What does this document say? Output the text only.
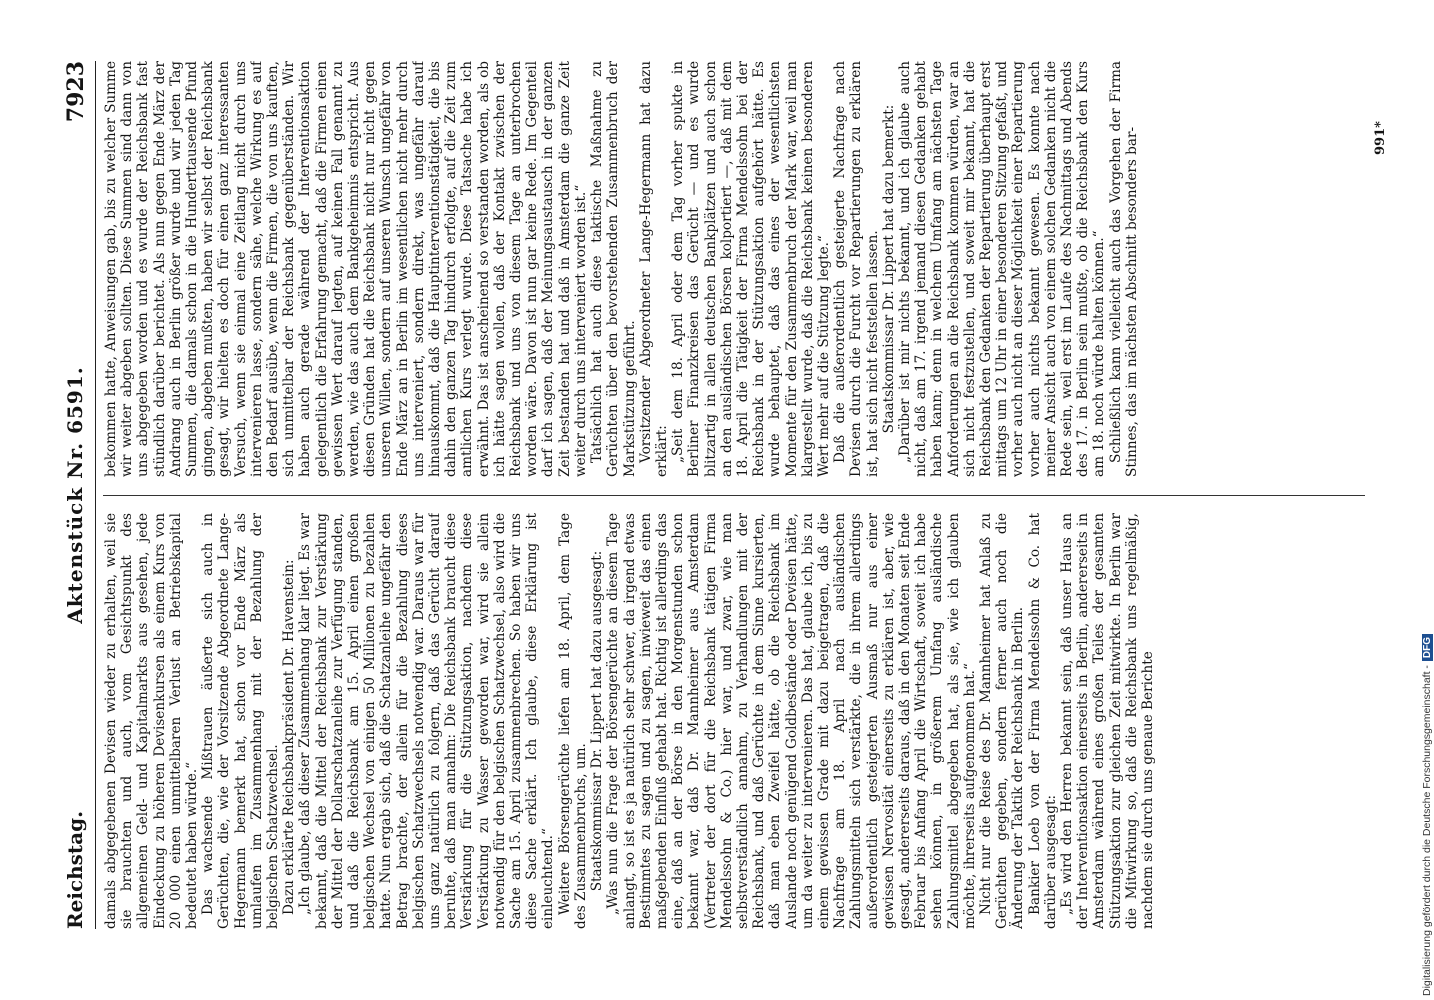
Reichstag.
Aktenstück Nr. 6591.
7923

damals abgegebenen Devisen wieder zu erhalten, weil sie sie brauchten und auch, vom Gesichtspunkt des allgemeinen Geld- und Kapitalmarkts aus gesehen, jede Eindeckung zu höheren Devisenkursen als einem Kurs von 20 000 einen unmittelbaren Verlust an Betriebskapital bedeutet haben würde.“ Das wachsende Mißtrauen äußerte sich auch in Gerüchten, die, wie der Vorsitzende Abgeordnete Lange-Hegermann bemerkt hat, schon vor Ende März als umlaufen im Zusammenhang mit der Bezahlung der belgischen Schatzwechsel. Dazu erklärte Reichsbankpräsident Dr. Havenstein: „Ich glaube, daß dieser Zusammenhang klar liegt. Es war bekannt, daß die Mittel der Reichsbank zur Verstärkung der Mittel der Dollarschatzanleihe zur Verfügung standen, und daß die Reichsbank am 15. April einen großen belgischen Wechsel von einigen 50 Millionen zu bezahlen hatte. Nun ergab sich, daß die Schatzanleihe ungefähr den Betrag brachte, der allein für die Bezahlung dieses belgischen Schatzwechsels notwendig war. Daraus war für uns ganz natürlich zu folgern, daß das Gerücht darauf beruhte, daß man annahm: Die Reichsbank braucht diese Verstärkung für die Stützungsaktion, nachdem diese Verstärkung zu Wasser geworden war, wird sie allein notwendig für den belgischen Schatzwechsel, also wird die Sache am 15. April zusammenbrechen. So haben wir uns diese Sache erklärt. Ich glaube, diese Erklärung ist einleuchtend.“ Weitere Börsengerüchte liefen am 18. April, dem Tage des Zusammenbruchs, um. Staatskommissar Dr. Lippert hat dazu ausgesagt: „Was nun die Frage der Börsengerüchte an diesem Tage anlangt, so ist es ja natürlich sehr schwer, da irgend etwas Bestimmtes zu sagen und zu sagen, inwieweit das einen maßgebenden Einfluß gehabt hat. Richtig ist allerdings das eine, daß an der Börse in den Morgenstunden schon bekannt war, daß Dr. Mannheimer aus Amsterdam (Vertreter der dort für die Reichsbank tätigen Firma Mendelssohn & Co.) hier war, und zwar, wie man selbstverständlich annahm, zu Verhandlungen mit der Reichsbank, und daß Gerüchte in dem Sinne kursierten, daß man eben Zweifel hätte, ob die Reichsbank im Auslande noch genügend Goldbestände oder Devisen hätte, um da weiter zu intervenieren. Das hat, glaube ich, bis zu einem gewissen Grade mit dazu beigetragen, daß die Nachfrage am 18. April nach ausländischen Zahlungsmitteln sich verstärkte, die in ihrem allerdings außerordentlich gesteigerten Ausmaß nur aus einer gewissen Nervosität einerseits zu erklären ist, aber, wie gesagt, andererseits daraus, daß in den Monaten seit Ende Februar bis Anfang April die Wirtschaft, soweit ich habe sehen können, in größerem Umfang ausländische Zahlungsmittel abgegeben hat, als sie, wie ich glauben möchte, ihrerseits aufgenommen hat.“ Nicht nur die Reise des Dr. Mannheimer hat Anlaß zu Gerüchten gegeben, sondern ferner auch noch die Änderung der Taktik der Reichsbank in Berlin. Bankier Loeb von der Firma Mendelssohn & Co. hat darüber ausgesagt: „Es wird den Herren bekannt sein, daß unser Haus an der Interventionsaktion einerseits in Berlin, andererseits in Amsterdam während eines großen Teiles der gesamten Stützungsaktion zur gleichen Zeit mitwirkte. In Berlin war die Mitwirkung so, daß die Reichsbank uns regelmäßig, nachdem sie durch uns genaue Berichte

bekommen hatte, Anweisungen gab, bis zu welcher Summe wir weiter abgeben sollten. Diese Summen sind dann von uns abgegeben worden und es wurde der Reichsbank fast stündlich darüber berichtet. Als nun gegen Ende März der Andrang auch in Berlin größer wurde und wir jeden Tag Summen, die damals schon in die Hunderttausende Pfund gingen, abgeben mußten, haben wir selbst der Reichsbank gesagt, wir hielten es doch für einen ganz interessanten Versuch, wenn sie einmal eine Zeitlang nicht durch uns intervenieren lasse, sondern sähe, welche Wirkung es auf den Bedarf ausübe, wenn die Firmen, die von uns kauften, sich unmittelbar der Reichsbank gegenüberständen. Wir haben auch gerade während der Interventionsaktion gelegentlich die Erfahrung gemacht, daß die Firmen einen gewissen Wert darauf legten, auf keinen Fall genannt zu werden, wie das auch dem Bankgeheimnis entspricht. Aus diesen Gründen hat die Reichsbank nicht nur nicht gegen unseren Willen, sondern auf unseren Wunsch ungefähr von Ende März an in Berlin im wesentlichen nicht mehr durch uns interveniert, sondern direkt, was ungefähr darauf hinauskommt, daß die Hauptinterventionstätigkeit, die bis dahin den ganzen Tag hindurch erfolgte, auf die Zeit zum amtlichen Kurs verlegt wurde. Diese Tatsache habe ich erwähnt. Das ist anscheinend so verstanden worden, als ob ich hätte sagen wollen, daß der Kontakt zwischen der Reichsbank und uns von diesem Tage an unterbrochen worden wäre. Davon ist nun gar keine Rede. Im Gegenteil darf ich sagen, daß der Meinungsaustausch in der ganzen Zeit bestanden hat und daß in Amsterdam die ganze Zeit weiter durch uns interveniert worden ist.“ Tatsächlich hat auch diese taktische Maßnahme zu Gerüchten über den bevorstehenden Zusammenbruch der Markstützung geführt. Vorsitzender Abgeordneter Lange-Hegermann hat dazu erklärt: „Seit dem 18. April oder dem Tag vorher spukte in Berliner Finanzkreisen das Gerücht — und es wurde blitzartig in allen deutschen Bankplätzen und auch schon an den ausländischen Börsen kolportiert —, daß mit dem 18. April die Tätigkeit der Firma Mendelssohn bei der Reichsbank in der Stützungsaktion aufgehört hätte. Es wurde behauptet, daß das eines der wesentlichsten Momente für den Zusammenbruch der Mark war, weil man klargestellt wurde, daß die Reichsbank keinen besonderen Wert mehr auf die Stützung legte.“ Daß die außerordentlich gesteigerte Nachfrage nach Devisen durch die Furcht vor Repartierungen zu erklären ist, hat sich nicht feststellen lassen. Staatskommissar Dr. Lippert hat dazu bemerkt: „Darüber ist mir nichts bekannt, und ich glaube auch nicht, daß am 17. irgend jemand diesen Gedanken gehabt haben kann; denn in welchem Umfang am nächsten Tage Anforderungen an die Reichsbank kommen würden, war an sich nicht festzustellen, und soweit mir bekannt, hat die Reichsbank den Gedanken der Repartierung überhaupt erst mittags um 12 Uhr in einer besonderen Sitzung gefaßt, und vorher auch nicht an dieser Möglichkeit einer Repartierung vorher auch nichts bekannt gewesen. Es konnte nach meiner Ansicht auch von einem solchen Gedanken nicht die Rede sein, weil erst im Laufe des Nachmittags und Abends des 17. in Berlin sein mußte, ob die Reichsbank den Kurs am 18. noch würde halten können.“ Schließlich kann vielleicht auch das Vorgehen der Firma Stinnes, das im nächsten Abschnitt besonders bar-	991*
Digitalisierung gefördert durch die Deutsche Forschungsgemeinschaft -
DFG
